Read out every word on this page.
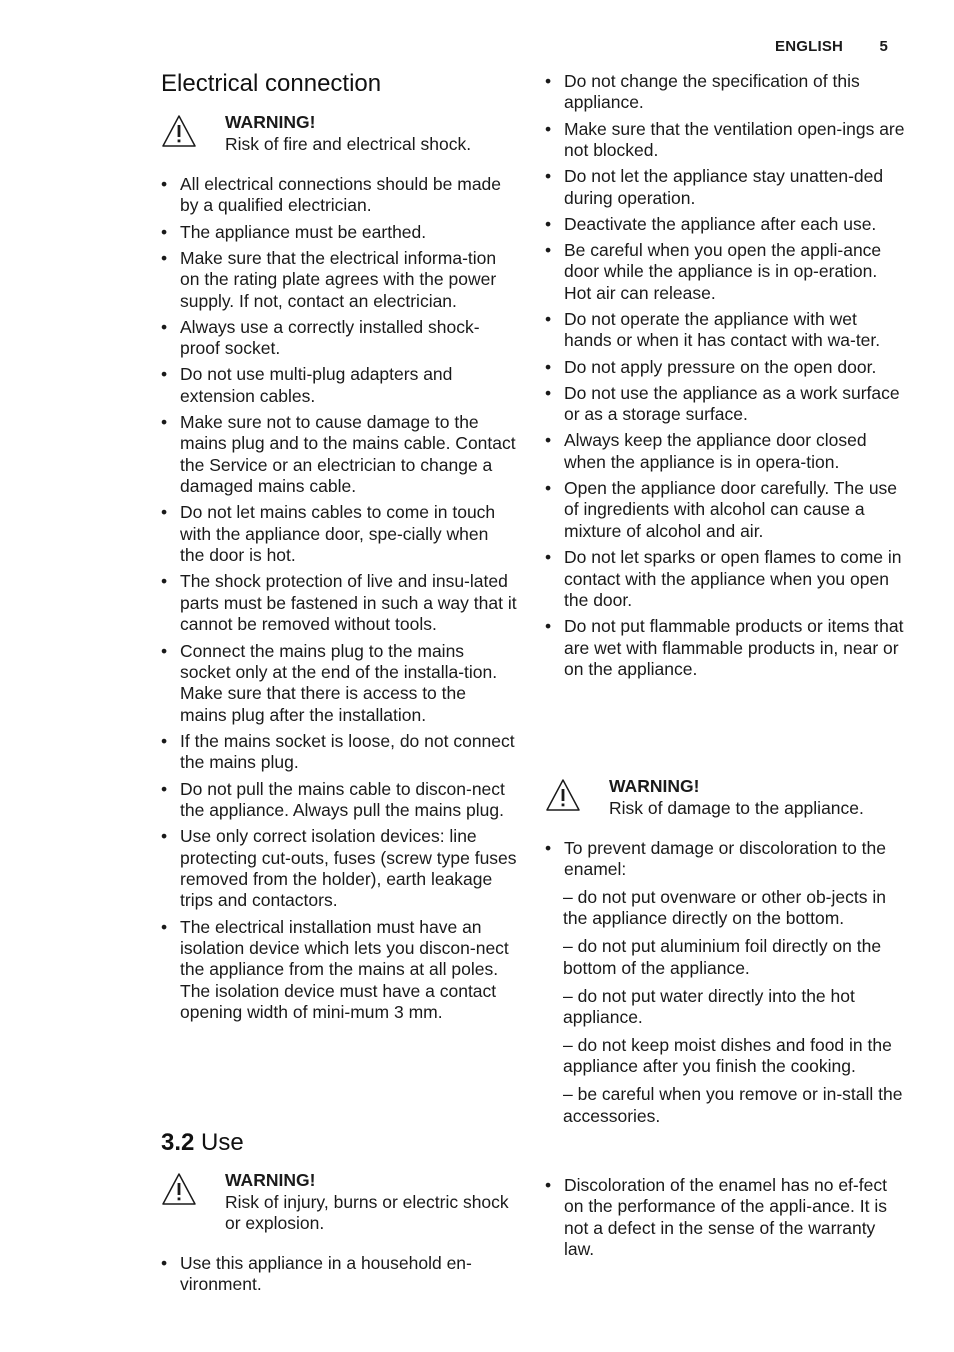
ENGLISH 5
Electrical connection
WARNING!
Risk of fire and electrical shock.
• All electrical connections should be made by a qualified electrician.
• The appliance must be earthed.
• Make sure that the electrical informa-tion on the rating plate agrees with the power supply. If not, contact an electrician.
• Always use a correctly installed shock-proof socket.
• Do not use multi-plug adapters and extension cables.
• Make sure not to cause damage to the mains plug and to the mains cable. Contact the Service or an electrician to change a damaged mains cable.
• Do not let mains cables to come in touch with the appliance door, spe-cially when the door is hot.
• The shock protection of live and insu-lated parts must be fastened in such a way that it cannot be removed without tools.
• Connect the mains plug to the mains socket only at the end of the installa-tion. Make sure that there is access to the mains plug after the installation.
• If the mains socket is loose, do not connect the mains plug.
• Do not pull the mains cable to discon-nect the appliance. Always pull the mains plug.
• Use only correct isolation devices: line protecting cut-outs, fuses (screw type fuses removed from the holder), earth leakage trips and contactors.
• The electrical installation must have an isolation device which lets you discon-nect the appliance from the mains at all poles. The isolation device must have a contact opening width of mini-mum 3 mm.
3.2 Use
WARNING!
Risk of injury, burns or electric shock or explosion.
• Use this appliance in a household en-vironment.
• Do not change the specification of this appliance.
• Make sure that the ventilation open-ings are not blocked.
• Do not let the appliance stay unatten-ded during operation.
• Deactivate the appliance after each use.
• Be careful when you open the appli-ance door while the appliance is in op-eration. Hot air can release.
• Do not operate the appliance with wet hands or when it has contact with wa-ter.
• Do not apply pressure on the open door.
• Do not use the appliance as a work surface or as a storage surface.
• Always keep the appliance door closed when the appliance is in opera-tion.
• Open the appliance door carefully. The use of ingredients with alcohol can cause a mixture of alcohol and air.
• Do not let sparks or open flames to come in contact with the appliance when you open the door.
• Do not put flammable products or items that are wet with flammable products in, near or on the appliance.
WARNING!
Risk of damage to the appliance.
• To prevent damage or discoloration to the enamel:
– do not put ovenware or other ob-jects in the appliance directly on the bottom.
– do not put aluminium foil directly on the bottom of the appliance.
– do not put water directly into the hot appliance.
– do not keep moist dishes and food in the appliance after you finish the cooking.
– be careful when you remove or in-stall the accessories.
• Discoloration of the enamel has no ef-fect on the performance of the appli-ance. It is not a defect in the sense of the warranty law.
